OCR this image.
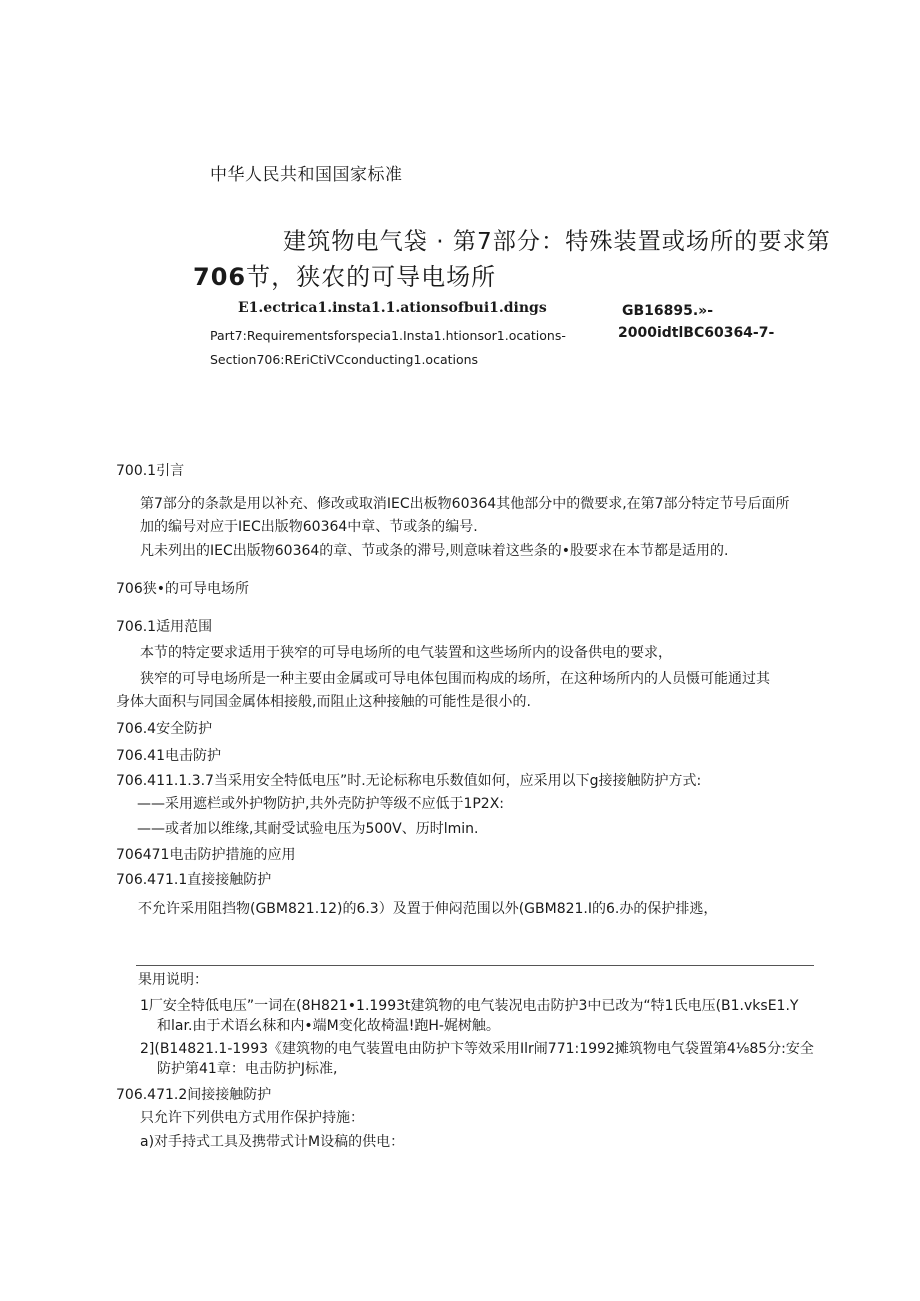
中华人民共和国国家标准
建筑物电气袋 · 第7部分：特殊装置或场所的要求第
706节，狭农的可导电场所
E1.ectrica1.insta1.1.ationsofbui1.dings
Part7:Requirementsforspecia1.Insta1.htionsor1.ocations-
Section706:REriCtiVCconducting1.ocations
GB16895.»-
2000idtlBC60364-7-
700.1引言
第7部分的条款是用以补充、修改或取消IEC出板物60364其他部分中的微要求,在第7部分特定节号后面所
加的编号对应于IEC出版物60364中章、节或条的编号.
凡未列出的IEC出版物60364的章、节或条的滞号,则意味着这些条的•股要求在本节都是适用的.
706狭•的可导电场所
706.1适用范围
本节的特定要求适用于狭窄的可导电场所的电气装置和这些场所内的设备供电的要求，
狭窄的可导电场所是一种主要由金属或可导电体包围而构成的场所，在这种场所内的人员慑可能通过其
身体大面积与同国金属体相接般,而阻止这种接触的可能性是很小的.
706.4安全防护
706.41电击防护
706.411.1.3.7当采用安全特低电压”时.无论标称电乐数值如何，应采用以下g接接触防护方式:
——采用遮栏或外护物防护,共外壳防护等级不应低于1P2X:
——或者加以维缘,其耐受试验电压为500V、历时lmin.
706471电击防护措施的应用
706.471.1直接接触防护
不允许采用阻挡物(GBM821.12)的6.3）及置于伸闷范围以外(GBM821.I的6.办的保护排逃，
果用说明：
1厂安全特低电压”一词在(8H821•1.1993t建筑物的电气装况电击防护3中已改为“特1氏电压(B1.vksE1.Y
和lar.由于术语幺秣和内•端M变化故椅温!跑H-娓树触。
2](B14821.1-1993《建筑物的电气装置电由防护卞等效采用Ilr闹771:1992摊筑物电气袋置第4⅛85分:安全
防护第41章：电击防护J标准,
706.471.2间接接触防护
只允许下列供电方式用作保护持施：
a)对手持式工具及携带式计M设稿的供电：
